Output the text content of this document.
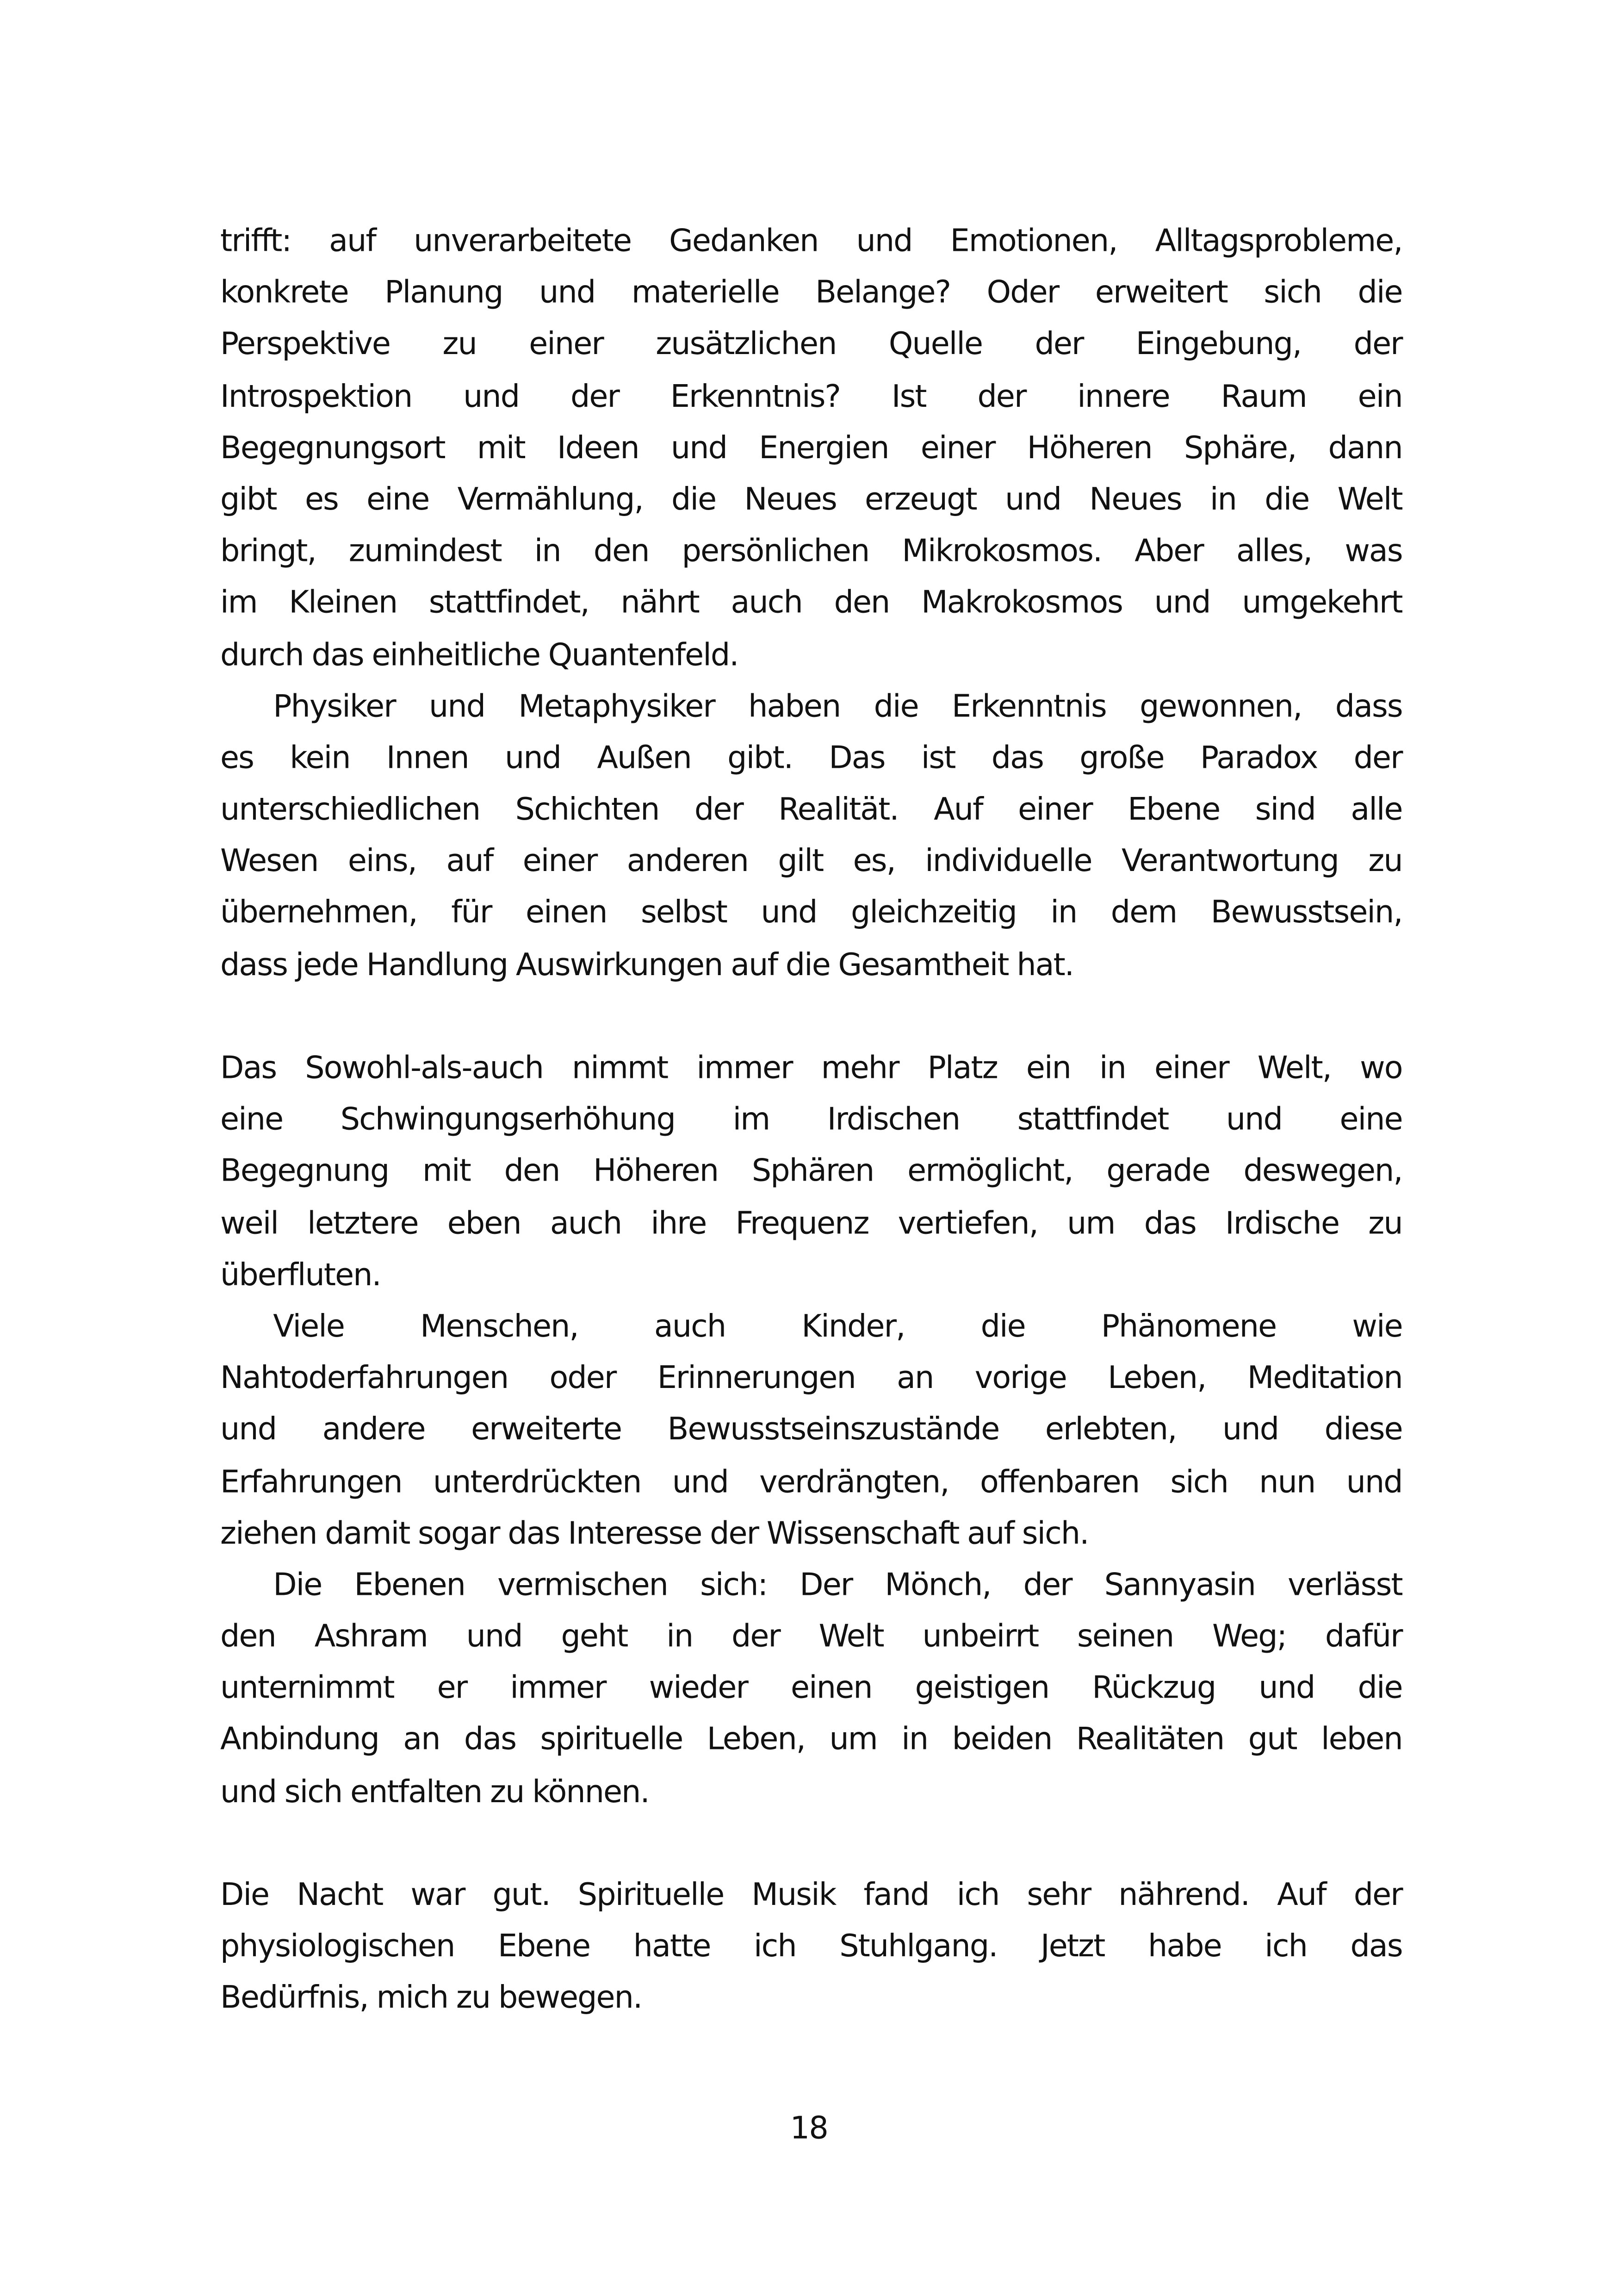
trifft: auf unverarbeitete Gedanken und Emotionen, Alltagsprobleme,
konkrete Planung und materielle Belange? Oder erweitert sich die
Perspektive zu einer zusätzlichen Quelle der Eingebung, der
Introspektion und der Erkenntnis? Ist der innere Raum ein
Begegnungsort mit Ideen und Energien einer Höheren Sphäre, dann
gibt es eine Vermählung, die Neues erzeugt und Neues in die Welt
bringt, zumindest in den persönlichen Mikrokosmos. Aber alles, was
im Kleinen stattfindet, nährt auch den Makrokosmos und umgekehrt
durch das einheitliche Quantenfeld.
Physiker und Metaphysiker haben die Erkenntnis gewonnen, dass
es kein Innen und Außen gibt. Das ist das große Paradox der
unterschiedlichen Schichten der Realität. Auf einer Ebene sind alle
Wesen eins, auf einer anderen gilt es, individuelle Verantwortung zu
übernehmen, für einen selbst und gleichzeitig in dem Bewusstsein,
dass jede Handlung Auswirkungen auf die Gesamtheit hat.
Das Sowohl-als-auch nimmt immer mehr Platz ein in einer Welt, wo
eine Schwingungserhöhung im Irdischen stattfindet und eine
Begegnung mit den Höheren Sphären ermöglicht, gerade deswegen,
weil letztere eben auch ihre Frequenz vertiefen, um das Irdische zu
überfluten.
Viele Menschen, auch Kinder, die Phänomene wie
Nahtoderfahrungen oder Erinnerungen an vorige Leben, Meditation
und andere erweiterte Bewusstseinszustände erlebten, und diese
Erfahrungen unterdrückten und verdrängten, offenbaren sich nun und
ziehen damit sogar das Interesse der Wissenschaft auf sich.
Die Ebenen vermischen sich: Der Mönch, der Sannyasin verlässt
den Ashram und geht in der Welt unbeirrt seinen Weg; dafür
unternimmt er immer wieder einen geistigen Rückzug und die
Anbindung an das spirituelle Leben, um in beiden Realitäten gut leben
und sich entfalten zu können.
Die Nacht war gut. Spirituelle Musik fand ich sehr nährend. Auf der
physiologischen Ebene hatte ich Stuhlgang. Jetzt habe ich das
Bedürfnis, mich zu bewegen.
18
